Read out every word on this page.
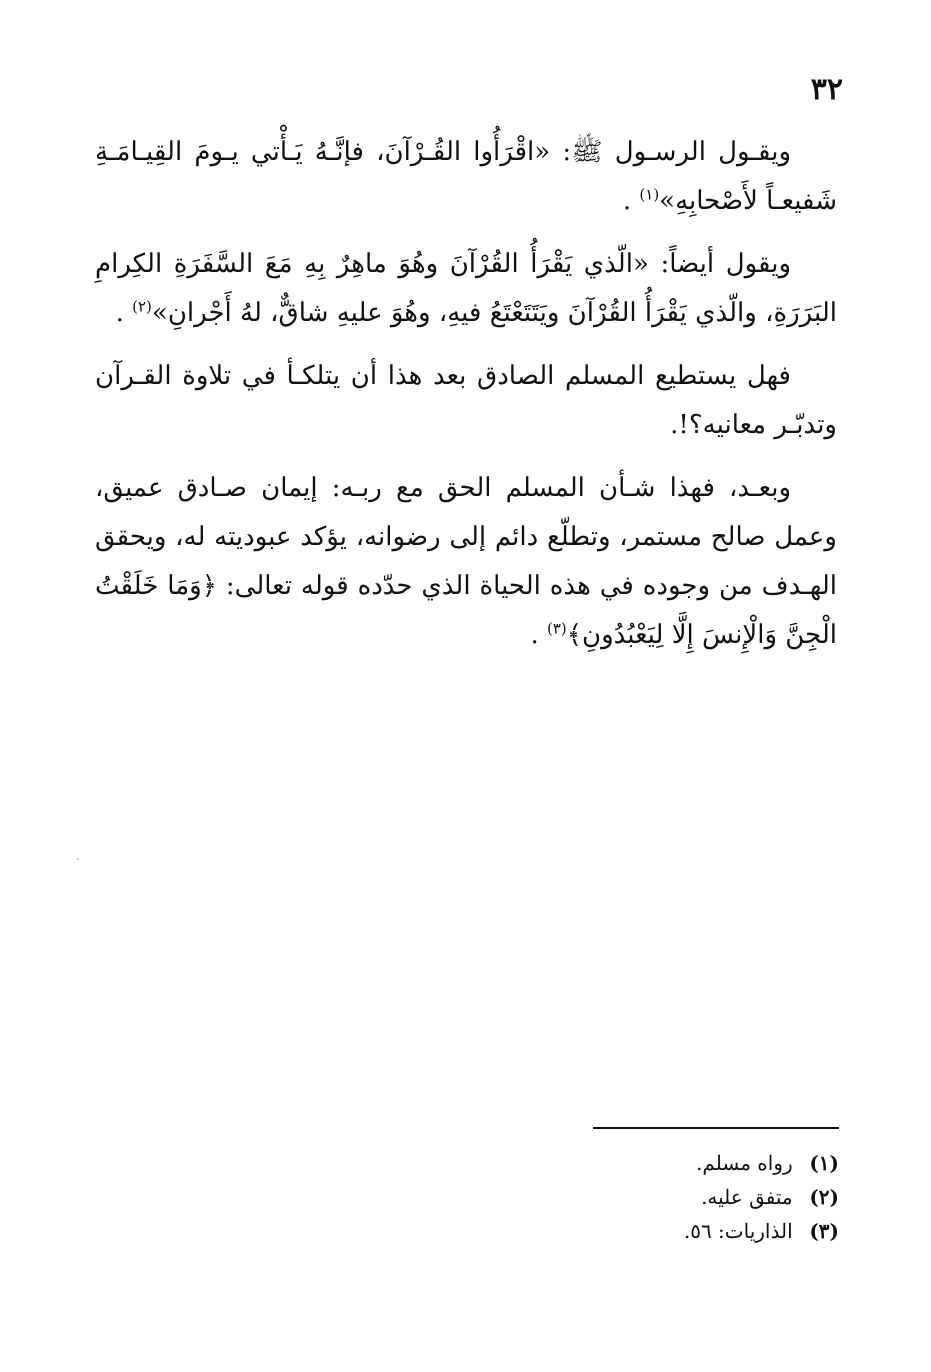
٣٢

ويقـول الرسـول ﷺ: «اقْرَأُوا القُـرْآنَ، فإنَّـهُ يَـأْتي يـومَ القِيـامَـةِ شَفيعـاً لأَصْحابِهِ»$^{(١)}$ .

ويقول أيضاً: «الّذي يَقْرَأُ القُرْآنَ وهُوَ ماهِرٌ بِهِ مَعَ السَّفَرَةِ الكِرامِ البَرَرَةِ، والّذي يَقْرَأُ القُرْآنَ ويَتَتَعْتَعُ فيهِ، وهُوَ عليهِ شاقٌّ، لهُ أَجْرانِ»$^{(٢)}$ .

فهل يستطيع المسلم الصادق بعد هذا أن يتلكـأ في تلاوة القـرآن وتدبّـر معانيه؟!.

وبعـد، فهذا شـأن المسلم الحق مع ربـه: إيمان صـادق عميق، وعمل صالح مستمر، وتطلّع دائم إلى رضوانه، يؤكد عبوديته له، ويحقق الهـدف من وجوده في هذه الحياة الذي حدّده قوله تعالى: ﴿وَمَا خَلَقْتُ الْجِنَّ وَالْإِنسَ إِلَّا لِيَعْبُدُونِ﴾$^{(٣)}$ .

(١) رواه مسلم.
(٢) متفق عليه.
(٣) الذاريات: ٥٦.
